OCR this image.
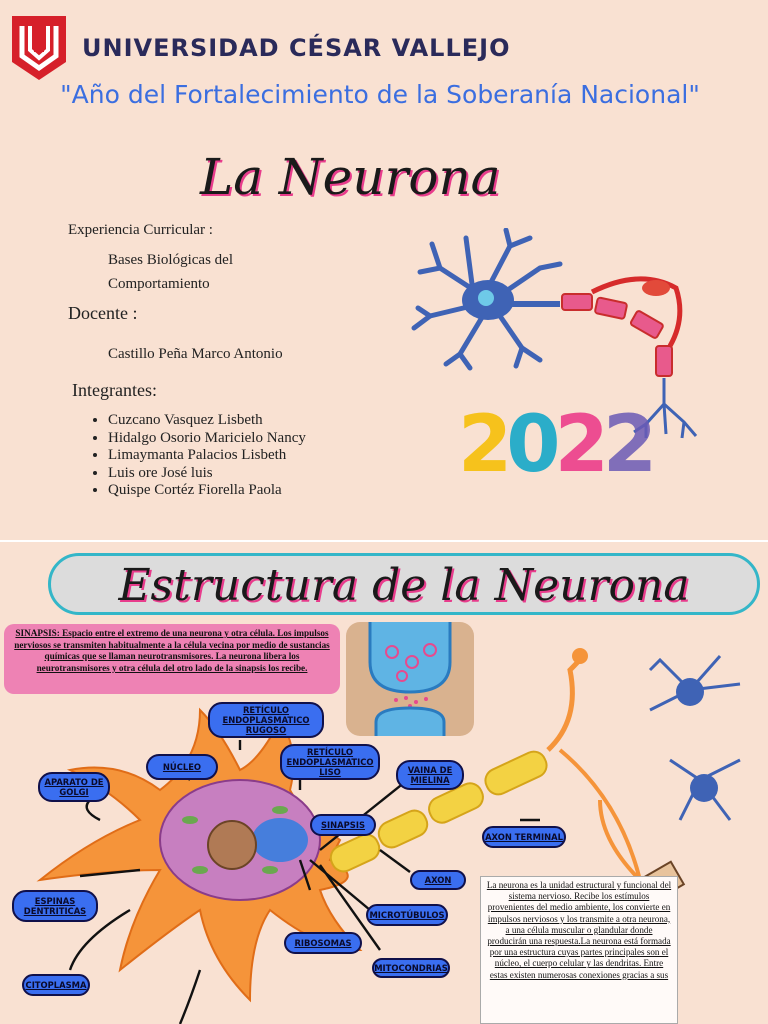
UNIVERSIDAD CÉSAR VALLEJO
"Año del Fortalecimiento de la Soberanía Nacional"
La Neurona
Experiencia Curricular :
Bases Biológicas del
Comportamiento
Docente :
Castillo Peña Marco Antonio
Integrantes:
• Cuzcano Vasquez Lisbeth
• Hidalgo Osorio Maricielo Nancy
• Limaymanta Palacios Lisbeth
• Luis ore José luis
• Quispe Cortéz Fiorella Paola	2022
Estructura de la Neurona
SINAPSIS: Espacio entre el extremo de una neurona y otra célula. Los impulsos nerviosos se transmiten habitualmente a la célula vecina por medio de sustancias químicas que se llaman neurotransmisores. La neurona libera los neurotransmisores y otra célula del otro lado de la sinapsis los recibe.
RETÍCULO ENDOPLASMATICO RUGOSO
RETÍCULO ENDOPLASMATICO LISO
NÚCLEO
APARATO DE GOLGI
VAINA DE MIELINA
SINAPSIS
AXON TERMINAL
AXON
ESPINAS DENTRITICAS	MICROTÚBULOS
RIBOSOMAS
CITOPLASMA
MITOCONDRIAS
La neurona es la unidad estructural y funcional del sistema nervioso. Recibe los estímulos provenientes del medio ambiente, los convierte en impulsos nerviosos y los transmite a otra neurona, a una célula muscular o glandular donde producirán una respuesta.La neurona está formada por una estructura cuyas partes principales son el núcleo, el cuerpo celular y las dendritas. Entre estas existen numerosas conexiones gracias a sus
